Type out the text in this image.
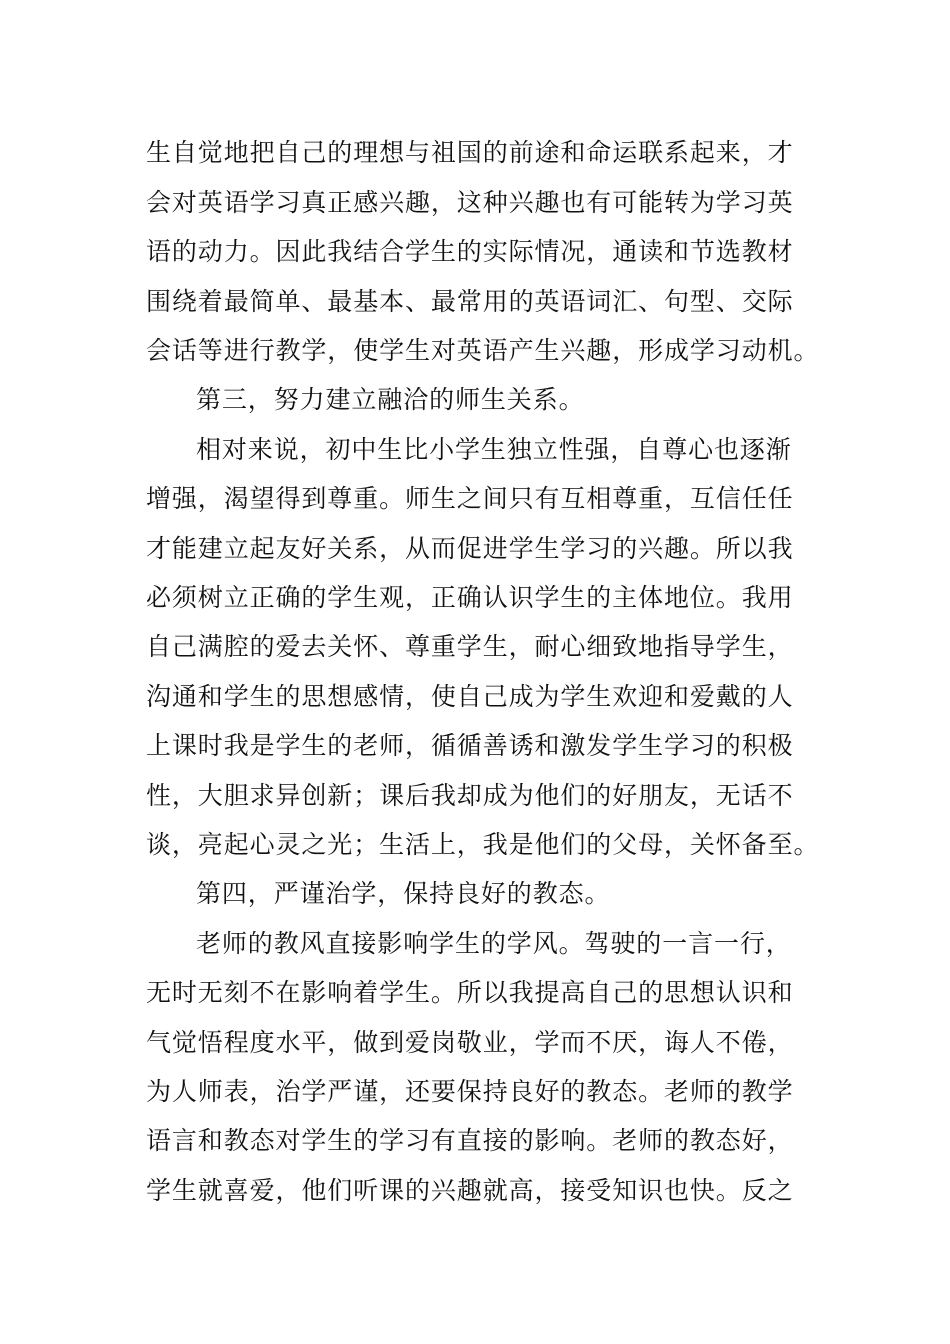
生自觉地把自己的理想与祖国的前途和命运联系起来，才
会对英语学习真正感兴趣，这种兴趣也有可能转为学习英
语的动力。因此我结合学生的实际情况，通读和节选教材
围绕着最简单、最基本、最常用的英语词汇、句型、交际
会话等进行教学，使学生对英语产生兴趣，形成学习动机。
第三，努力建立融洽的师生关系。
相对来说，初中生比小学生独立性强，自尊心也逐渐
增强，渴望得到尊重。师生之间只有互相尊重，互信任任
才能建立起友好关系，从而促进学生学习的兴趣。所以我
必须树立正确的学生观，正确认识学生的主体地位。我用
自己满腔的爱去关怀、尊重学生，耐心细致地指导学生，
沟通和学生的思想感情，使自己成为学生欢迎和爱戴的人
上课时我是学生的老师，循循善诱和激发学生学习的积极
性，大胆求异创新；课后我却成为他们的好朋友，无话不
谈，亮起心灵之光；生活上，我是他们的父母，关怀备至。
第四，严谨治学，保持良好的教态。
老师的教风直接影响学生的学风。驾驶的一言一行，
无时无刻不在影响着学生。所以我提高自己的思想认识和
气觉悟程度水平，做到爱岗敬业，学而不厌，诲人不倦，
为人师表，治学严谨，还要保持良好的教态。老师的教学
语言和教态对学生的学习有直接的影响。老师的教态好，
学生就喜爱，他们听课的兴趣就高，接受知识也快。反之
